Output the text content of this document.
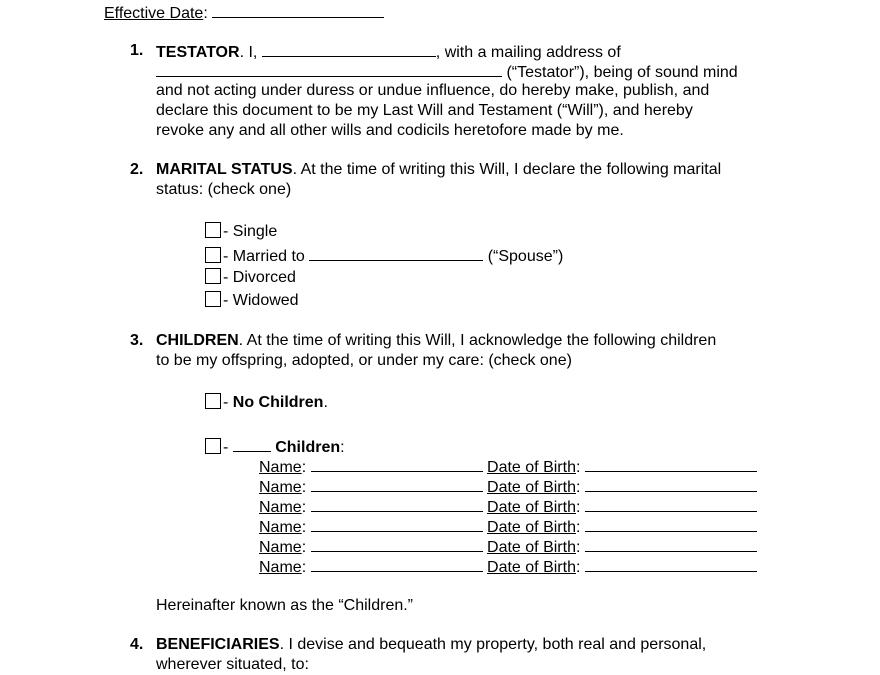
Effective Date:
1. TESTATOR. I,	, with a mailing address of
(“Testator”), being of sound mind
and not acting under duress or undue influence, do hereby make, publish, and
declare this document to be my Last Will and Testament (“Will”), and hereby
revoke any and all other wills and codicils heretofore made by me.
2. MARITAL STATUS. At the time of writing this Will, I declare the following marital
status: (check one)
- Single
- Married to	(“Spouse”)
- Divorced
- Widowed
3. CHILDREN. At the time of writing this Will, I acknowledge the following children
to be my offspring, adopted, or under my care: (check one)
- No Children.
-  Children:
Name:	Date of Birth:
Name:	Date of Birth:
Name:	Date of Birth:
Name:	Date of Birth:
Name:	Date of Birth:
Name:	Date of Birth:
Hereinafter known as the “Children.”
4. BENEFICIARIES. I devise and bequeath my property, both real and personal,
wherever situated, to:
